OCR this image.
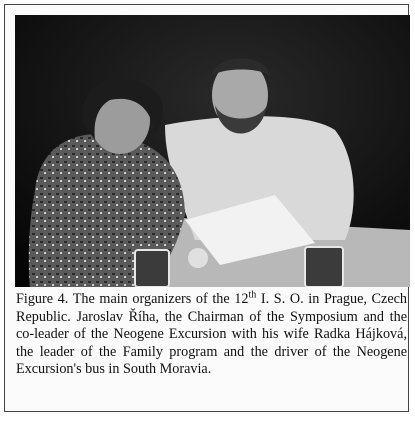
Figure 4. The main organizers of the 12th I. S. O. in Prague, Czech Republic. Jaroslav Říha, the Chairman of the Symposium and the co-leader of the Neogene Excursion with his wife Radka Hájková, the leader of the Family program and the driver of the Neogene Excursion's bus in South Moravia.
